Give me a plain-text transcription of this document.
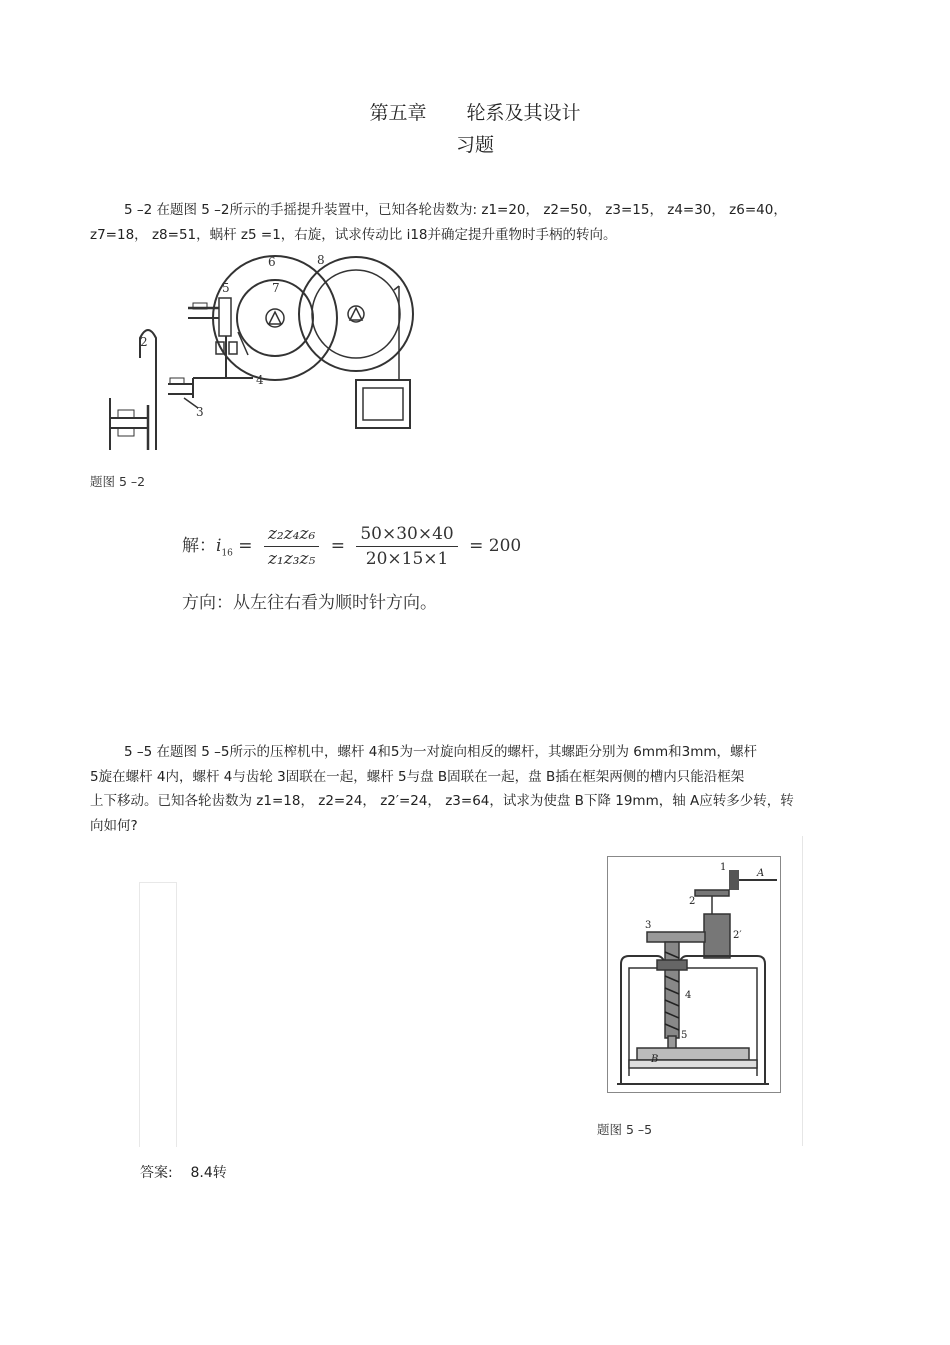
第五章 轮系及其设计
习题
5 –2 在题图 5 –2所示的手摇提升装置中，已知各轮齿数为: z1=20， z2=50， z3=15， z4=30， z6=40，
z7=18， z8=51，蜗杆 z5 =1，右旋，试求传动比 i18并确定提升重物时手柄的转向。
5
6
7
8
2
4
3
题图 5 –2
解：$i_{16} = \frac{\text{z₂z₄z₆}}{\text{z₁z₃z₅}} = \frac{50\times 30\times 40}{20\times 15\times 1} = 200$
方向：从左往右看为顺时针方向。
5 –5 在题图 5 –5所示的压榨机中，螺杆 4和5为一对旋向相反的螺杆，其螺距分别为 6mm和3mm，螺杆
5旋在螺杆 4内，螺杆 4与齿轮 3固联在一起，螺杆 5与盘 B固联在一起，盘 B插在框架两侧的槽内只能沿框架
上下移动。已知各轮齿数为 z1=18， z2=24， z2′=24， z3=64，试求为使盘 B下降 19mm，轴 A应转多少转，转
向如何?
1
A
2
2′
3
4
5
B
题图 5 –5
答案:    8.4转
